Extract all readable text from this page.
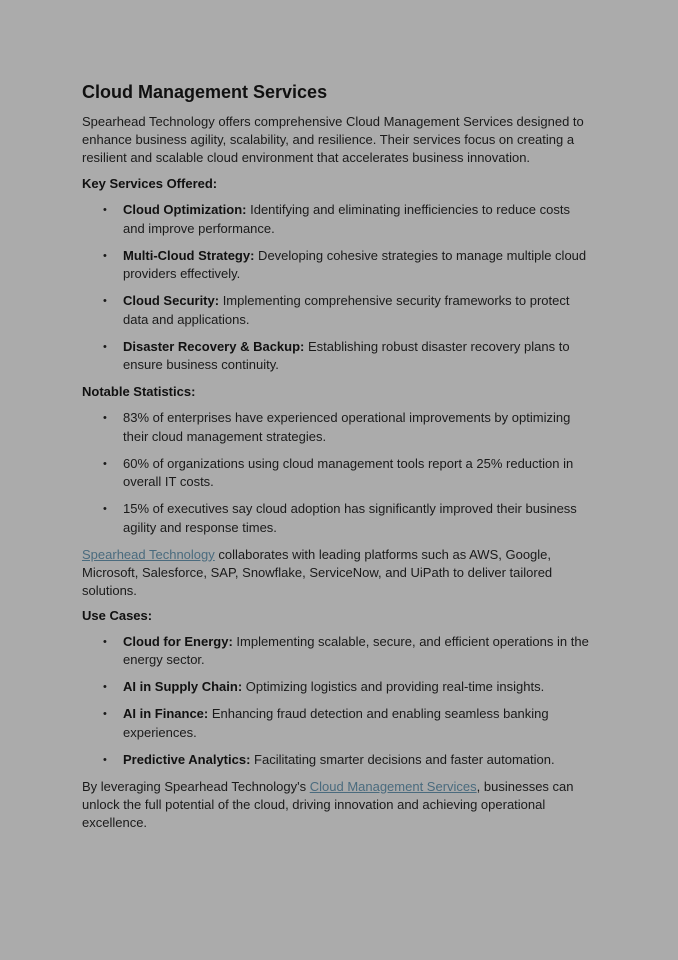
Cloud Management Services

Spearhead Technology offers comprehensive Cloud Management Services designed to enhance business agility, scalability, and resilience. Their services focus on creating a resilient and scalable cloud environment that accelerates business innovation.

Key Services Offered:
• Cloud Optimization: Identifying and eliminating inefficiencies to reduce costs and improve performance.
• Multi-Cloud Strategy: Developing cohesive strategies to manage multiple cloud providers effectively.
• Cloud Security: Implementing comprehensive security frameworks to protect data and applications.
• Disaster Recovery & Backup: Establishing robust disaster recovery plans to ensure business continuity.
Notable Statistics:
• 83% of enterprises have experienced operational improvements by optimizing their cloud management strategies.
• 60% of organizations using cloud management tools report a 25% reduction in overall IT costs.
• 15% of executives say cloud adoption has significantly improved their business agility and response times.

Spearhead Technology collaborates with leading platforms such as AWS, Google, Microsoft, Salesforce, SAP, Snowflake, ServiceNow, and UiPath to deliver tailored solutions.

Use Cases:
• Cloud for Energy: Implementing scalable, secure, and efficient operations in the energy sector.
• AI in Supply Chain: Optimizing logistics and providing real-time insights.
• AI in Finance: Enhancing fraud detection and enabling seamless banking experiences.
• Predictive Analytics: Facilitating smarter decisions and faster automation.

By leveraging Spearhead Technology's Cloud Management Services, businesses can unlock the full potential of the cloud, driving innovation and achieving operational excellence.
